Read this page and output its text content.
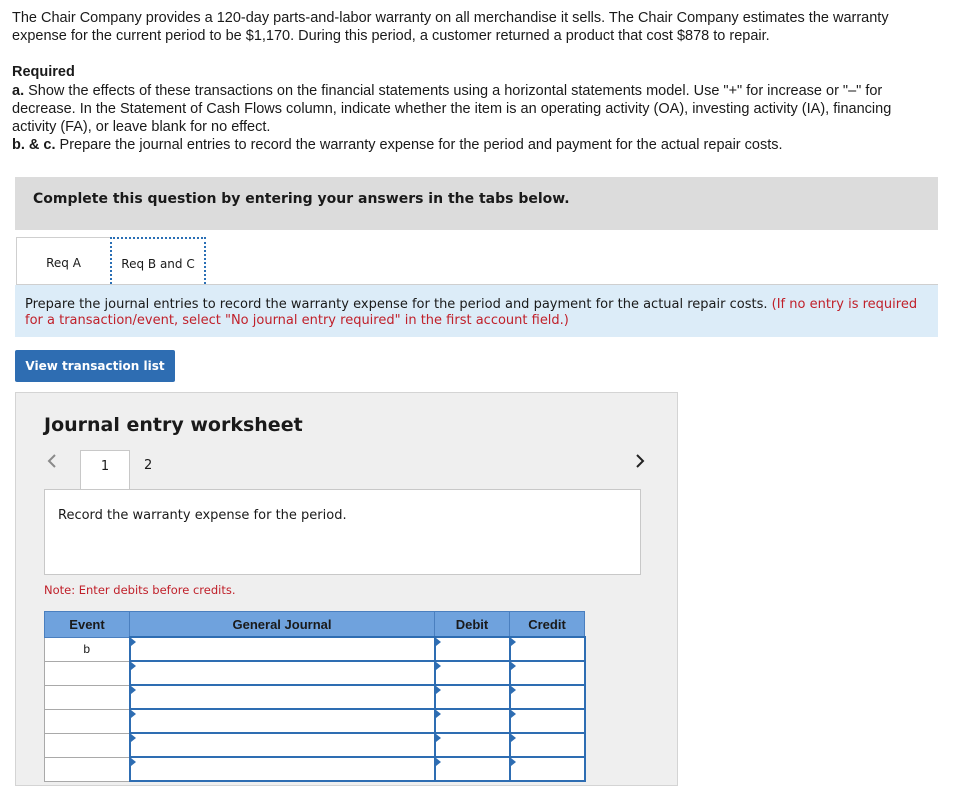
The Chair Company provides a 120-day parts-and-labor warranty on all merchandise it sells. The Chair Company estimates the warranty expense for the current period to be $1,170. During this period, a customer returned a product that cost $878 to repair.
Required
a. Show the effects of these transactions on the financial statements using a horizontal statements model. Use "+" for increase or "–" for decrease. In the Statement of Cash Flows column, indicate whether the item is an operating activity (OA), investing activity (IA), financing activity (FA), or leave blank for no effect.
b. & c. Prepare the journal entries to record the warranty expense for the period and payment for the actual repair costs.
Complete this question by entering your answers in the tabs below.
Req A	Req B and C

Prepare the journal entries to record the warranty expense for the period and payment for the actual repair costs. (If no entry is required for a transaction/event, select "No journal entry required" in the first account field.)

View transaction list
Journal entry worksheet
1	2
Record the warranty expense for the period.
Note: Enter debits before credits.
Event	General Journal	Debit	Credit
b	
